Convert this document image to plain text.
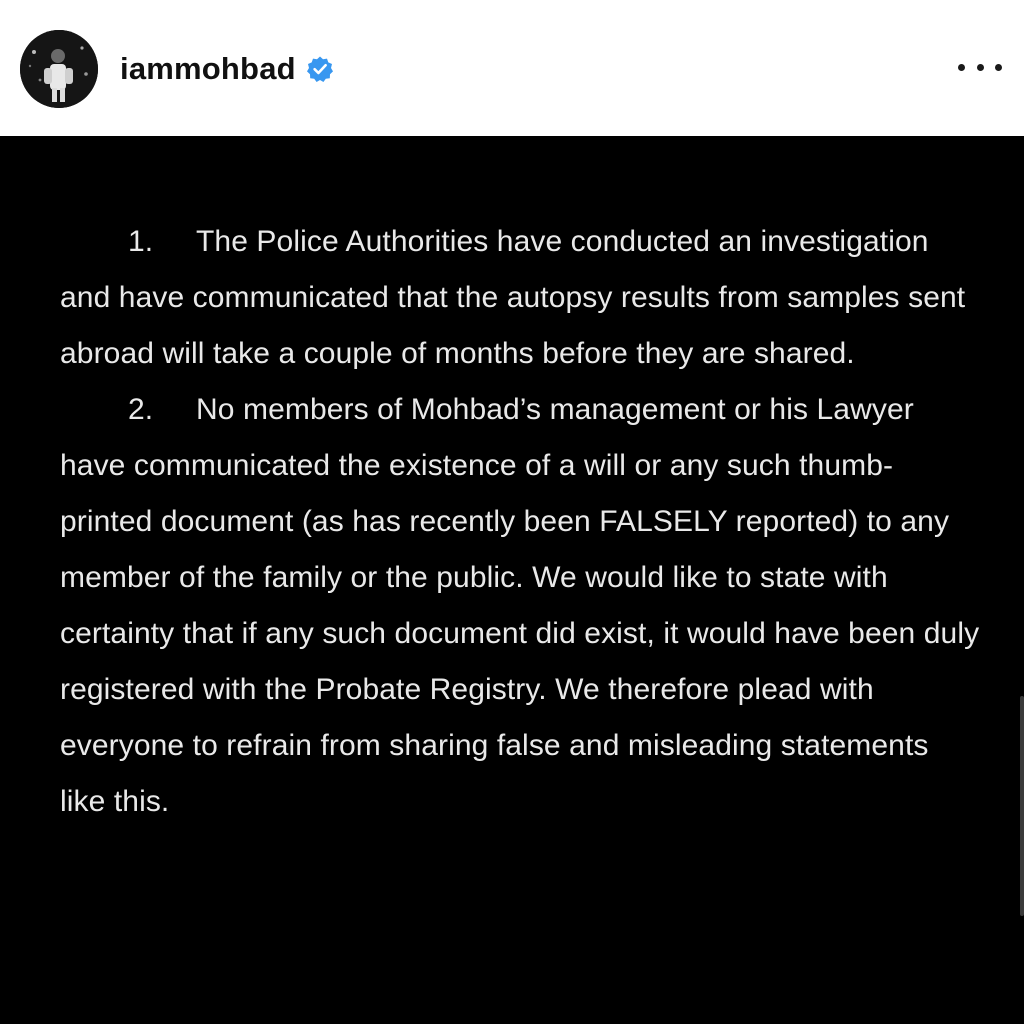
iammohbad

1. The Police Authorities have conducted an investigation and have communicated that the autopsy results from samples sent abroad will take a couple of months before they are shared.

2. No members of Mohbad’s management or his Lawyer have communicated the existence of a will or any such thumb-printed document (as has recently been FALSELY reported) to any member of the family or the public. We would like to state with certainty that if any such document did exist, it would have been duly registered with the Probate Registry. We therefore plead with everyone to refrain from sharing false and misleading statements like this.
